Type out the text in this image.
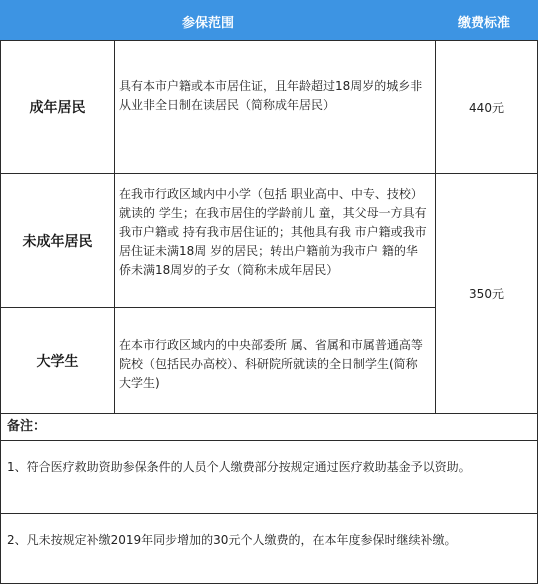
参保范围	缴费标准
成年居民
具有本市户籍或本市居住证，且年龄超过18周岁的城乡非从业非全日制在读居民（简称成年居民）	440元
未成年居民
在我市行政区域内中小学（包括 职业高中、中专、技校）就读的 学生；在我市居住的学龄前儿 童，其父母一方具有我市户籍或 持有我市居住证的；其他具有我 市户籍或我市居住证未满18周 岁的居民；转出户籍前为我市户 籍的华侨未满18周岁的子女（简称未成年居民）
大学生
在本市行政区域内的中央部委所 属、省属和市属普通高等院校（包括民办高校）、科研院所就读的全日制学生(简称大学生)
350元
备注：
1、符合医疗救助资助参保条件的人员个人缴费部分按规定通过医疗救助基金予以资助。
2、凡未按规定补缴2019年同步增加的30元个人缴费的，在本年度参保时继续补缴。
